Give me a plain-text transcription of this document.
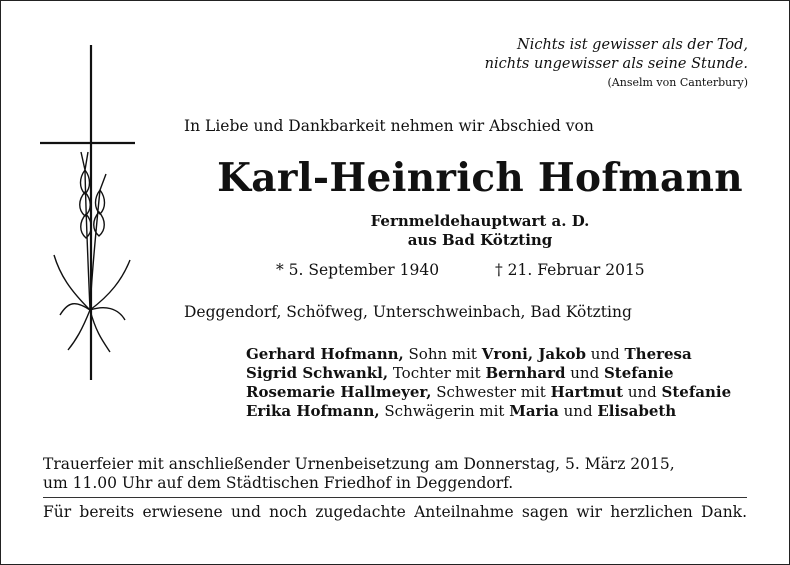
Nichts ist gewisser als der Tod,
nichts ungewisser als seine Stunde.
(Anselm von Canterbury)
In Liebe und Dankbarkeit nehmen wir Abschied von
Karl-Heinrich Hofmann
Fernmeldehauptwart a. D.
aus Bad Kötzting
* 5. September 1940	† 21. Februar 2015
Deggendorf, Schöfweg, Unterschweinbach, Bad Kötzting
Gerhard Hofmann, Sohn mit Vroni, Jakob und Theresa
Sigrid Schwankl, Tochter mit Bernhard und Stefanie
Rosemarie Hallmeyer, Schwester mit Hartmut und Stefanie
Erika Hofmann, Schwägerin mit Maria und Elisabeth
Trauerfeier mit anschließender Urnenbeisetzung am Donnerstag, 5. März 2015,
um 11.00 Uhr auf dem Städtischen Friedhof in Deggendorf.
Für bereits erwiesene und noch zugedachte Anteilnahme sagen wir herzlichen Dank.
